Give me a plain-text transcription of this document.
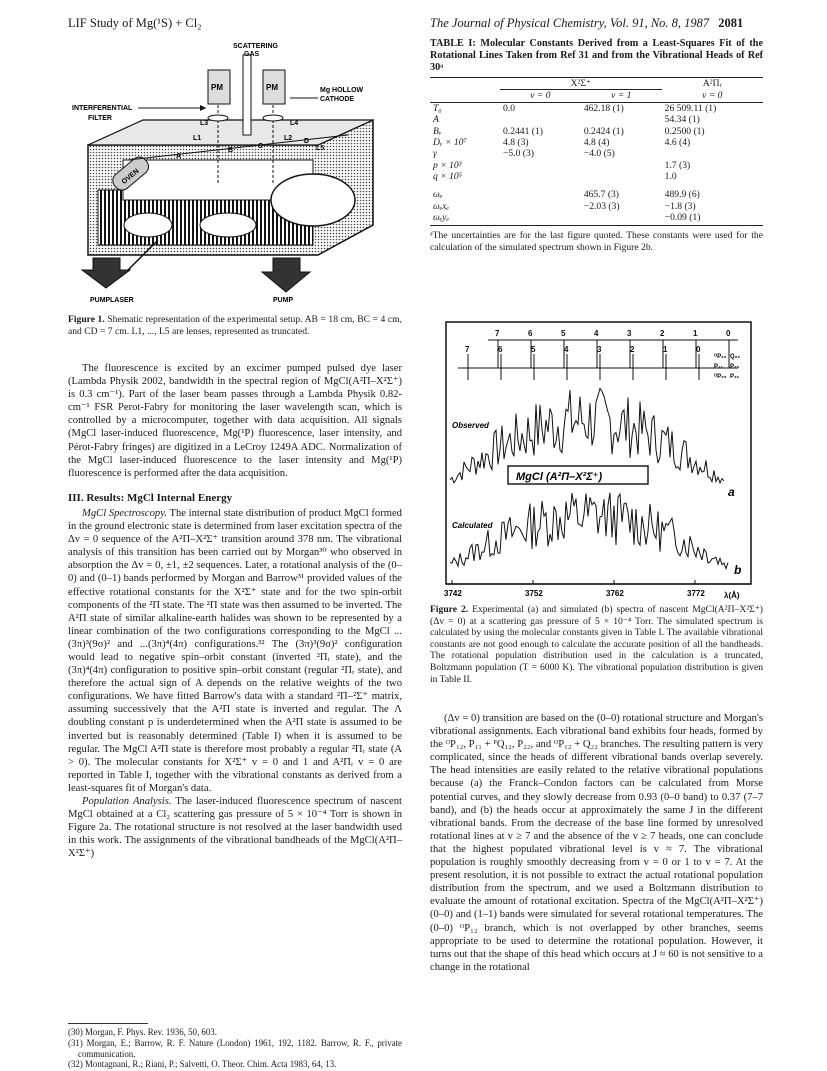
LIF Study of Mg(¹S) + Cl₂	The Journal of Physical Chemistry, Vol. 91, No. 8, 1987 2081
OVEN
PM	PM
SCATTERING
GAS
Mg HOLLOW
CATHODE
INTERFERENTIAL
FILTER
L1	L2
L3	L4
L5
A
B
C
D
PUMP	PUMP
LASER

Figure 1. Shematic representation of the experimental setup. AB = 18 cm, BC = 4 cm, and CD = 7 cm. L1, ..., L5 are lenses, represented as truncated.

The fluorescence is excited by an excimer pumped pulsed dye laser (Lambda Physik 2002, bandwidth in the spectral region of MgCl(A²Π–X²Σ⁺) is 0.3 cm⁻¹). Part of the laser beam passes through a Lambda Physik 0.82-cm⁻¹ FSR Perot-Fabry for monitoring the laser wavelength scan, which is controlled by a microcomputer, together with data acquisition. All signals (MgCl laser-induced fluorescence, Mg(¹P) fluorescence, laser intensity, and Pérot-Fabry fringes) are digitized in a LeCroy 1249A ADC. Normalization of the MgCl laser-induced fluorescence to the laser intensity and Mg(¹P) fluorescence is performed after the data acquisition.

III. Results: MgCl Internal Energy

MgCl Spectroscopy. The internal state distribution of product MgCl formed in the ground electronic state is determined from laser excitation spectra of the Δv = 0 sequence of the A²Π–X²Σ⁺ transition around 378 nm. The vibrational analysis of this transition has been carried out by Morgan³⁰ who observed in absorption the Δv = 0, ±1, ±2 sequences. Later, a rotational analysis of the (0–0) and (0–1) bands performed by Morgan and Barrow³¹ provided values of the effective rotational constants for the X²Σ⁺ state and for the two spin-orbit components of the ²Π state. The ²Π state was then assumed to be inverted. The A²Π state of similar alkaline-earth halides was shown to be represented by a linear combination of the two configurations corresponding to the MgCl ...(3π)³(9σ)² and ...(3π)⁴(4π) configurations.³² The (3π)³(9σ)² configuration would lead to negative spin–orbit constant (inverted ²Πᵢ state), and the (3π)⁴(4π) configuration to positive spin–orbit constant (regular ²Πᵣ state), and therefore the actual sign of A depends on the relative weights of the two configurations. We have fitted Barrow's data with a standard ²Π–²Σ⁺ matrix, assuming successively that the A²Π state is inverted and regular. The Λ doubling constant p is underdetermined when the A²Π state is assumed to be inverted but is reasonably determined (Table I) when it is assumed to be regular. The MgCl A²Π state is therefore most probably a regular ²Πᵣ state (A > 0). The molecular constants for X²Σ⁺ v = 0 and 1 and A²Πᵣ v = 0 are reported in Table I, together with the vibrational constants as derived from a least-squares fit of Morgan's data.

Population Analysis. The laser-induced fluorescence spectrum of nascent MgCl obtained at a Cl₂ scattering gas pressure of 5 × 10⁻⁴ Torr is shown in Figure 2a. The rotational structure is not resolved at the laser bandwidth used in this work. The assignments of the vibrational bandheads of the MgCl(A²Π–X²Σ⁺)

(30) Morgan, F. Phys. Rev. 1936, 50, 603.

(31) Morgan, E.; Barrow, R. F. Nature (London) 1961, 192, 1182. Barrow, R. F., private communication.

(32) Montagnani, R.; Riani, P.; Salvetti, O. Theor. Chim. Acta 1983, 64, 13.

TABLE I: Molecular Constants Derived from a Least-Squares Fit of the Rotational Lines Taken from Ref 31 and from the Vibrational Heads of Ref 30ᵃ
	X²Σ⁺		A²Πᵣ
	v = 0	v = 1	v = 0
T₀	0.0	462.18 (1)	26 509.11 (1)
A			54.34 (1)
Bᵥ	0.2441 (1)	0.2424 (1)	0.2500 (1)
Dᵥ × 10⁷	4.8 (3)	4.8 (4)	4.6 (4)
γ	−5.0 (3)	−4.0 (5)	
p × 10³			1.7 (3)
q × 10⁵			1.0
ωₑ		465.7 (3)	489.9 (6)
ωₑxₑ		−2.03 (3)	−1.8 (3)
ωₑyₑ			−0.09 (1)
ᵃThe uncertainties are for the last figure quoted. These constants were used for the calculation of the simulated spectrum shown in Figure 2b.
Observed
Calculated
MgCl (A²Π–X²Σ⁺)
a
b
3742	3752	3762	3772 λ(Å)
7	6	5	4	3	2	1	0
7	6	5	4	3	2	1	0
ᴼP₁₂ Q₂₂
P₁₁ P₂₂
ᴼP₂₂ P₂₁

Figure 2. Experimental (a) and simulated (b) spectra of nascent MgCl(A²Π–X²Σ⁺) (Δv = 0) at a scattering gas pressure of 5 × 10⁻⁴ Torr. The simulated spectrum is calculated by using the molecular constants given in Table I. The available vibrational constants are not good enough to calculate the accurate position of all the bandheads. The rotational population distribution used in the calculation is a truncated, Boltzmann population (T = 6000 K). The vibrational population distribution is given in Table II.

(Δv = 0) transition are based on the (0–0) rotational structure and Morgan's vibrational assignments. Each vibrational band exhibits four heads, formed by the ᴼP₁₂, P₁₁ + ᴾQ₁₂, P₂₂, and ᴼP₁₂ + Q₂₂ branches. The resulting pattern is very complicated, since the heads of different vibrational bands overlap severely. The head intensities are easily related to the relative vibrational populations because (a) the Franck–Condon factors can be calculated from Morse potential curves, and they slowly decrease from 0.93 (0–0 band) to 0.37 (7–7 band), and (b) the heads occur at approximately the same J in the different vibrational bands. From the decrease of the base line formed by unresolved rotational lines at v ≥ 7 and the absence of the v ≥ 7 heads, one can conclude that the highest populated vibrational level is v ≈ 7. The vibrational population is roughly smoothly decreasing from v = 0 or 1 to v = 7. At the present resolution, it is not possible to extract the actual rotational population distribution from the spectrum, and we used a Boltzmann distribution to evaluate the amount of rotational excitation. Spectra of the MgCl(A²Π–X²Σ⁺) (0–0) and (1–1) bands were simulated for several rotational temperatures. The (0–0) ᴼP₁₂ branch, which is not overlapped by other branches, seems appropriate to be used to determine the rotational population. However, it turns out that the shape of this head which occurs at J ≈ 60 is not sensitive to a change in the rotational
